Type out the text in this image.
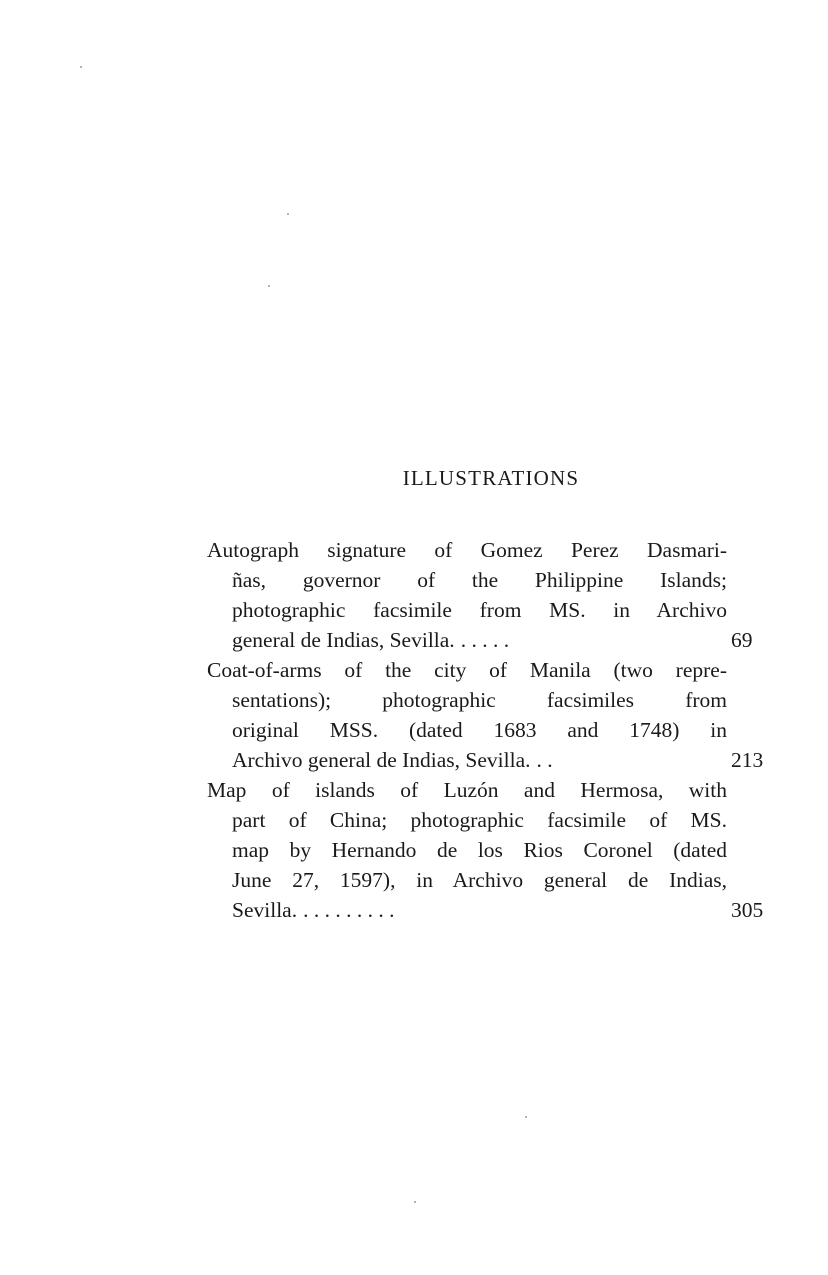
ILLUSTRATIONS
Autograph signature of Gomez Perez Dasmari-
ñas, governor of the Philippine Islands;
photographic facsimile from MS. in Archivo
general de Indias, Sevilla. . . . . .	69
Coat-of-arms of the city of Manila (two repre-
sentations); photographic facsimiles from
original MSS. (dated 1683 and 1748) in
Archivo general de Indias, Sevilla. . .	213
Map of islands of Luzón and Hermosa, with
part of China; photographic facsimile of MS.
map by Hernando de los Rios Coronel (dated
June 27, 1597), in Archivo general de Indias,
Sevilla. . . . . . . . . .	305
